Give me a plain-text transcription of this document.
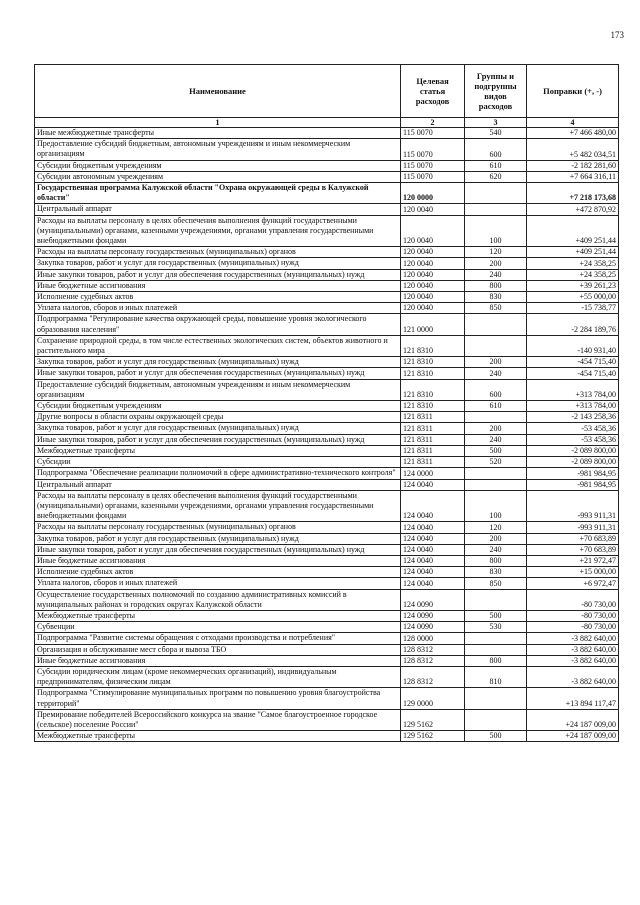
173
Наименование	Целевая статья расходов	Группы и подгруппы видов расходов	Поправки (+, -)
1	2	3	4
Иные межбюджетные трансферты	115 0070	540	+7 466 480,00
Предоставление субсидий бюджетным, автономным учреждениям и иным некоммерческим организациям	115 0070	600	+5 482 034,51
Субсидии бюджетным учреждениям	115 0070	610	-2 182 281,60
Субсидии автономным учреждениям	115 0070	620	+7 664 316,11
Государственная программа Калужской области "Охрана окружающей среды в Калужской области"	120 0000		+7 218 173,68
Центральный аппарат	120 0040		+472 870,92
Расходы на выплаты персоналу в целях обеспечения выполнения функций государственными (муниципальными) органами, казенными учреждениями, органами управления государственными внебюджетными фондами	120 0040	100	+409 251,44
Расходы на выплаты персоналу государственных (муниципальных) органов	120 0040	120	+409 251,44
Закупка товаров, работ и услуг для государственных (муниципальных) нужд	120 0040	200	+24 358,25
Иные закупки товаров, работ и услуг для обеспечения государственных (муниципальных) нужд	120 0040	240	+24 358,25
Иные бюджетные ассигнования	120 0040	800	+39 261,23
Исполнение судебных актов	120 0040	830	+55 000,00
Уплата налогов, сборов и иных платежей	120 0040	850	-15 738,77
Подпрограмма "Регулирование качества окружающей среды, повышение уровня экологического образования населения"	121 0000		-2 284 189,76
Сохранение природной среды, в том числе естественных экологических систем, объектов животного и растительного мира	121 8310		-140 931,40
Закупка товаров, работ и услуг для государственных (муниципальных) нужд	121 8310	200	-454 715,40
Иные закупки товаров, работ и услуг для обеспечения государственных (муниципальных) нужд	121 8310	240	-454 715,40
Предоставление субсидий бюджетным, автономным учреждениям и иным некоммерческим организациям	121 8310	600	+313 784,00
Субсидии бюджетным учреждениям	121 8310	610	+313 784,00
Другие вопросы в области охраны окружающей среды	121 8311		-2 143 258,36
Закупка товаров, работ и услуг для государственных (муниципальных) нужд	121 8311	200	-53 458,36
Иные закупки товаров, работ и услуг для обеспечения государственных (муниципальных) нужд	121 8311	240	-53 458,36
Межбюджетные трансферты	121 8311	500	-2 089 800,00
Субсидии	121 8311	520	-2 089 800,00
Подпрограмма "Обеспечение реализации полномочий в сфере административно-технического контроля"	124 0000		-981 984,95
Центральный аппарат	124 0040		-981 984,95
Расходы на выплаты персоналу в целях обеспечения выполнения функций государственными (муниципальными) органами, казенными учреждениями, органами управления государственными внебюджетными фондами	124 0040	100	-993 911,31
Расходы на выплаты персоналу государственных (муниципальных) органов	124 0040	120	-993 911,31
Закупка товаров, работ и услуг для государственных (муниципальных) нужд	124 0040	200	+70 683,89
Иные закупки товаров, работ и услуг для обеспечения государственных (муниципальных) нужд	124 0040	240	+70 683,89
Иные бюджетные ассигнования	124 0040	800	+21 972,47
Исполнение судебных актов	124 0040	830	+15 000,00
Уплата налогов, сборов и иных платежей	124 0040	850	+6 972,47
Осуществление государственных полномочий по созданию административных комиссий в муниципальных районах и городских округах Калужской области	124 0090		-80 730,00
Межбюджетные трансферты	124 0090	500	-80 730,00
Субвенции	124 0090	530	-80 730,00
Подпрограмма "Развитие системы обращения с отходами производства и потребления"	128 0000		-3 882 640,00
Организация и обслуживание мест сбора и вывоза ТБО	128 8312		-3 882 640,00
Иные бюджетные ассигнования	128 8312	800	-3 882 640,00
Субсидии юридическим лицам (кроме некоммерческих организаций), индивидуальным предпринимателям, физическим лицам	128 8312	810	-3 882 640,00
Подпрограмма "Стимулирование муниципальных программ по повышению уровня благоустройства территорий"	129 0000		+13 894 117,47
Премирование победителей Всероссийского конкурса на звание "Самое благоустроенное городское (сельское) поселение России"	129 5162		+24 187 009,00
Межбюджетные трансферты	129 5162	500	+24 187 009,00
